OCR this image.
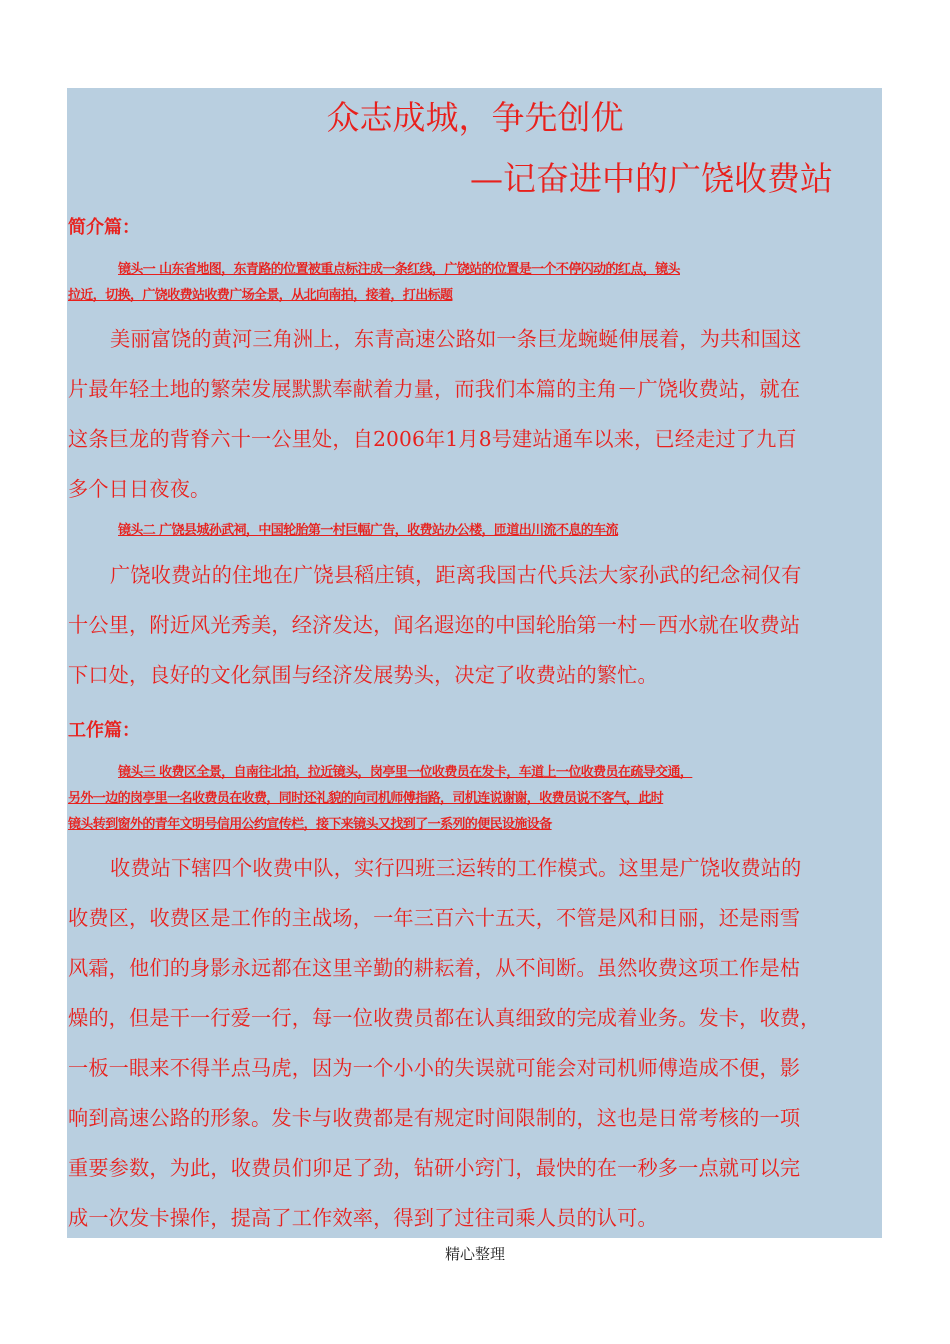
众志成城，争先创优
—记奋进中的广饶收费站
简介篇：
镜头一 山东省地图，东青路的位置被重点标注成一条红线，广饶站的位置是一个不停闪动的红点，镜头
拉近，切换，广饶收费站收费广场全景，从北向南拍，接着，打出标题
美丽富饶的黄河三角洲上，东青高速公路如一条巨龙蜿蜒伸展着，为共和国这
片最年轻土地的繁荣发展默默奉献着力量，而我们本篇的主角－广饶收费站，就在
这条巨龙的背脊六十一公里处，自2006年1月8号建站通车以来，已经走过了九百
多个日日夜夜。
镜头二 广饶县城孙武祠，中国轮胎第一村巨幅广告，收费站办公楼，匝道出川流不息的车流
广饶收费站的住地在广饶县稻庄镇，距离我国古代兵法大家孙武的纪念祠仅有
十公里，附近风光秀美，经济发达，闻名遐迩的中国轮胎第一村－西水就在收费站
下口处，良好的文化氛围与经济发展势头，决定了收费站的繁忙。
工作篇：
镜头三 收费区全景，自南往北拍，拉近镜头，岗亭里一位收费员在发卡，车道上一位收费员在疏导交通，
另外一边的岗亭里一名收费员在收费，同时还礼貌的向司机师傅指路，司机连说谢谢，收费员说不客气，此时
镜头转到窗外的青年文明号信用公约宣传栏，接下来镜头又找到了一系列的便民设施设备
收费站下辖四个收费中队，实行四班三运转的工作模式。这里是广饶收费站的
收费区，收费区是工作的主战场，一年三百六十五天，不管是风和日丽，还是雨雪
风霜，他们的身影永远都在这里辛勤的耕耘着，从不间断。虽然收费这项工作是枯
燥的，但是干一行爱一行，每一位收费员都在认真细致的完成着业务。发卡，收费，
一板一眼来不得半点马虎，因为一个小小的失误就可能会对司机师傅造成不便，影
响到高速公路的形象。发卡与收费都是有规定时间限制的，这也是日常考核的一项
重要参数，为此，收费员们卯足了劲，钻研小窍门，最快的在一秒多一点就可以完
成一次发卡操作，提高了工作效率，得到了过往司乘人员的认可。
精心整理
